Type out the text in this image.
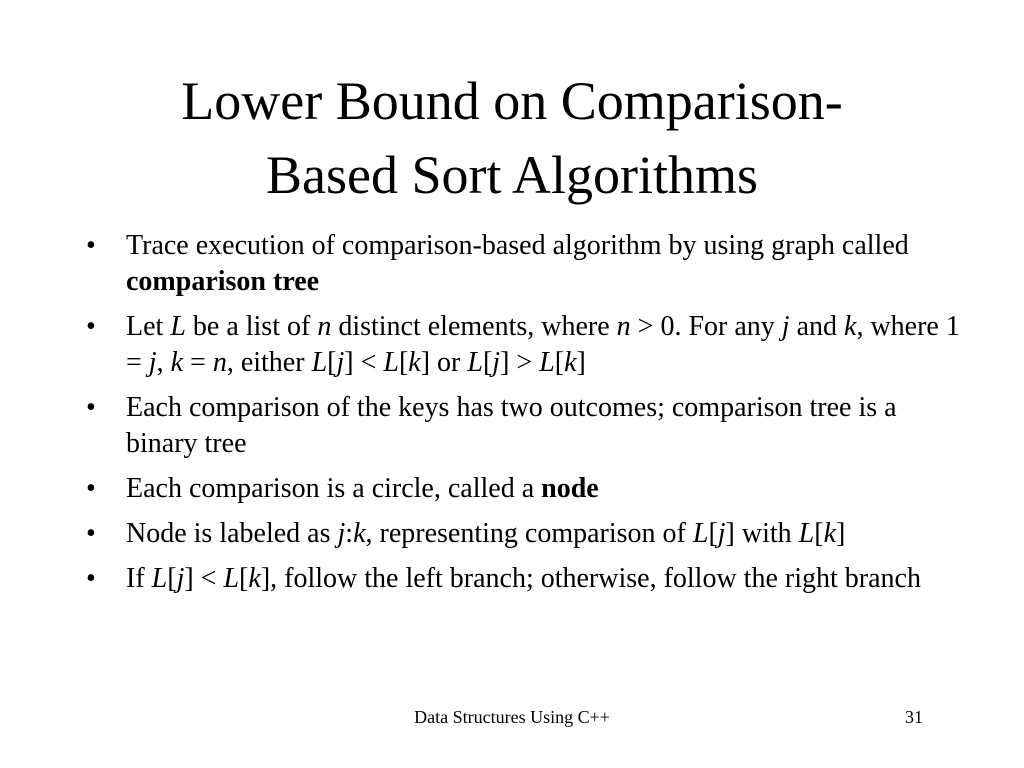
Lower Bound on Comparison-
Based Sort Algorithms
• Trace execution of comparison-based algorithm by using graph called comparison tree
• Let L be a list of n distinct elements, where n > 0. For any j and k, where 1 = j, k = n, either L[j] < L[k] or L[j] > L[k]
• Each comparison of the keys has two outcomes; comparison tree is a binary tree
• Each comparison is a circle, called a node
• Node is labeled as j:k, representing comparison of L[j] with L[k]
• If L[j] < L[k], follow the left branch; otherwise, follow the right branch
Data Structures Using C++	31
